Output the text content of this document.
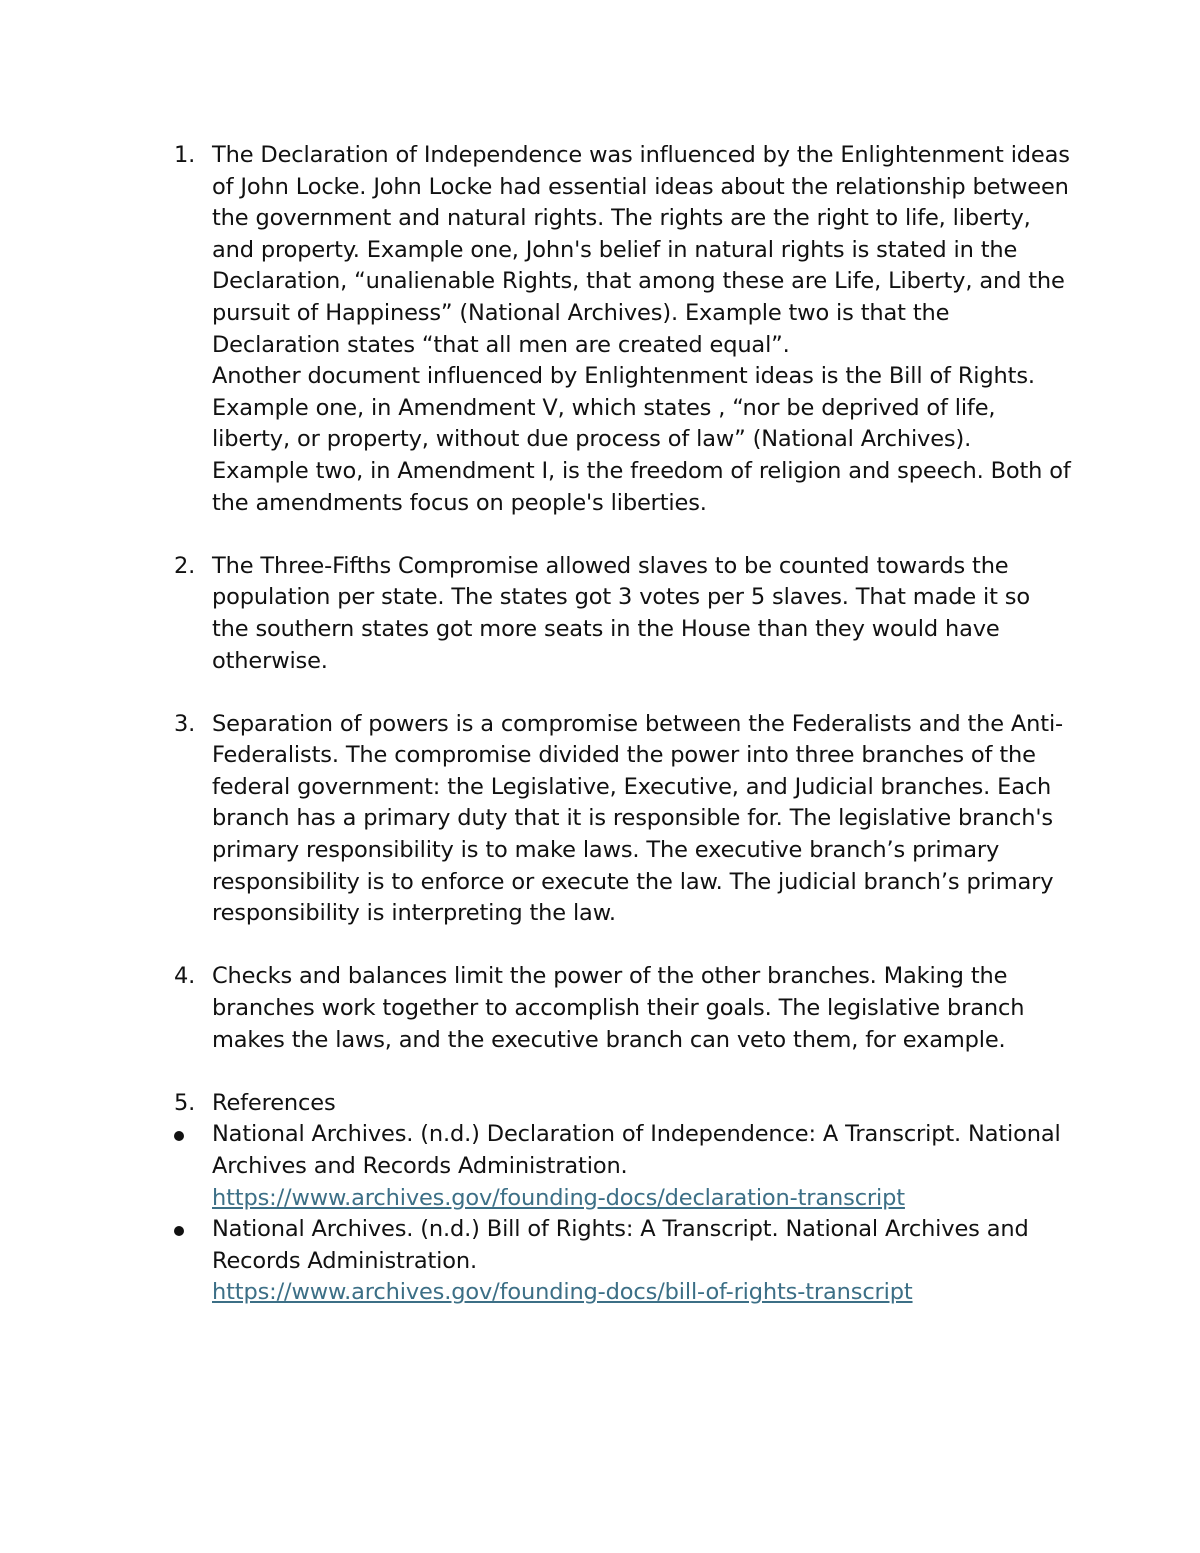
1. The Declaration of Independence was influenced by the Enlightenment ideas of John Locke. John Locke had essential ideas about the relationship between the government and natural rights. The rights are the right to life, liberty, and property. Example one, John's belief in natural rights is stated in the Declaration, “unalienable Rights, that among these are Life, Liberty, and the pursuit of Happiness” (National Archives). Example two is that the Declaration states “that all men are created equal”.

Another document influenced by Enlightenment ideas is the Bill of Rights. Example one, in Amendment V, which states , “nor be deprived of life, liberty, or property, without due process of law” (National Archives). Example two, in Amendment I, is the freedom of religion and speech. Both of the amendments focus on people's liberties.

2. The Three-Fifths Compromise allowed slaves to be counted towards the population per state. The states got 3 votes per 5 slaves. That made it so the southern states got more seats in the House than they would have otherwise.

3. Separation of powers is a compromise between the Federalists and the Anti-Federalists. The compromise divided the power into three branches of the federal government: the Legislative, Executive, and Judicial branches. Each branch has a primary duty that it is responsible for. The legislative branch's primary responsibility is to make laws. The executive branch’s primary responsibility is to enforce or execute the law. The judicial branch’s primary responsibility is interpreting the law.

4. Checks and balances limit the power of the other branches. Making the branches work together to accomplish their goals. The legislative branch makes the laws, and the executive branch can veto them, for example.

5. References

National Archives. (n.d.) Declaration of Independence: A Transcript. National Archives and Records Administration.
https://www.archives.gov/founding-docs/declaration-transcript

National Archives. (n.d.) Bill of Rights: A Transcript. National Archives and Records Administration.
https://www.archives.gov/founding-docs/bill-of-rights-transcript
